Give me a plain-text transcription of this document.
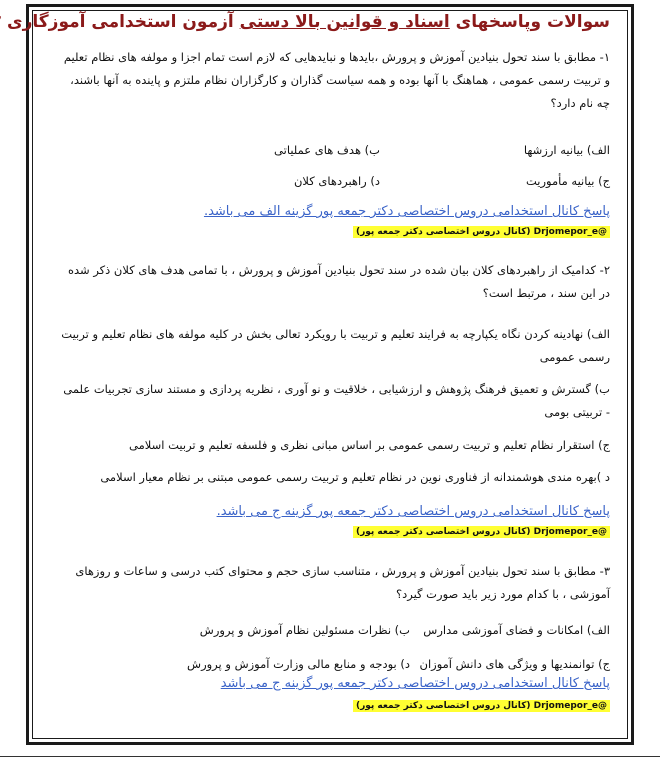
سوالات وپاسخهای اسناد و قوانین بالا دستی آزمون استخدامی آموزگاری
۱- مطابق با سند تحول بنیادین آموزش و پرورش ،بایدها و نبایدهایی که لازم است تمام اجزا و مولفه های نظام تعلیم
و تربیت رسمی عمومی ، هماهنگ با آنها بوده و همه سیاست گذاران و کارگزاران نظام ملتزم و پاینده به آنها باشند،
چه نام دارد؟
الف) بیانیه ارزشها
ب) هدف های عملیاتی
ج) بیانیه مأموریت
د) راهبردهای کلان
پاسخ کانال استخدامی دروس اختصاصی دکتر جمعه پور گزینه الف می باشد.
@Drjomepor_e (کانال دروس اختصاصی دکتر جمعه پور)
۲- کدامیک از راهبردهای کلان بیان شده در سند تحول بنیادین آموزش و پرورش ، با تمامی هدف های کلان ذکر شده
در این سند ، مرتبط است؟
الف) نهادینه کردن نگاه یکپارچه به فرایند تعلیم و تربیت با رویکرد تعالی بخش در کلیه مولفه های نظام تعلیم و تربیت
رسمی عمومی
ب) گسترش و تعمیق فرهنگ پژوهش و ارزشیابی ، خلاقیت و نو آوری ، نظریه پردازی و مستند سازی تجربیات علمی
- تربیتی بومی
ج) استقرار نظام تعلیم و تربیت رسمی عمومی بر اساس مبانی نظری و فلسفه تعلیم و تربیت اسلامی
د )بهره مندی هوشمندانه از فناوری نوین در نظام تعلیم و تربیت رسمی عمومی مبتنی بر نظام معیار اسلامی
پاسخ کانال استخدامی دروس اختصاصی دکتر جمعه پور گزینه ج می باشد.
@Drjomepor_e (کانال دروس اختصاصی دکتر جمعه پور)
۳- مطابق با سند تحول بنیادین آموزش و پرورش ، متناسب سازی حجم و محتوای کتب درسی و ساعات و روزهای
آموزشی ، با کدام مورد زیر باید صورت گیرد؟
الف) امکانات و فضای آموزشی مدارس
ب) نظرات مسئولین نظام آموزش و پرورش
ج) توانمندیها و ویژگی های دانش آموزان
د) بودجه و منابع مالی وزارت آموزش و پرورش
پاسخ کانال استخدامی دروس اختصاصی دکتر جمعه پور گزینه ج می باشد
@Drjomepor_e (کانال دروس اختصاصی دکتر جمعه پور)
